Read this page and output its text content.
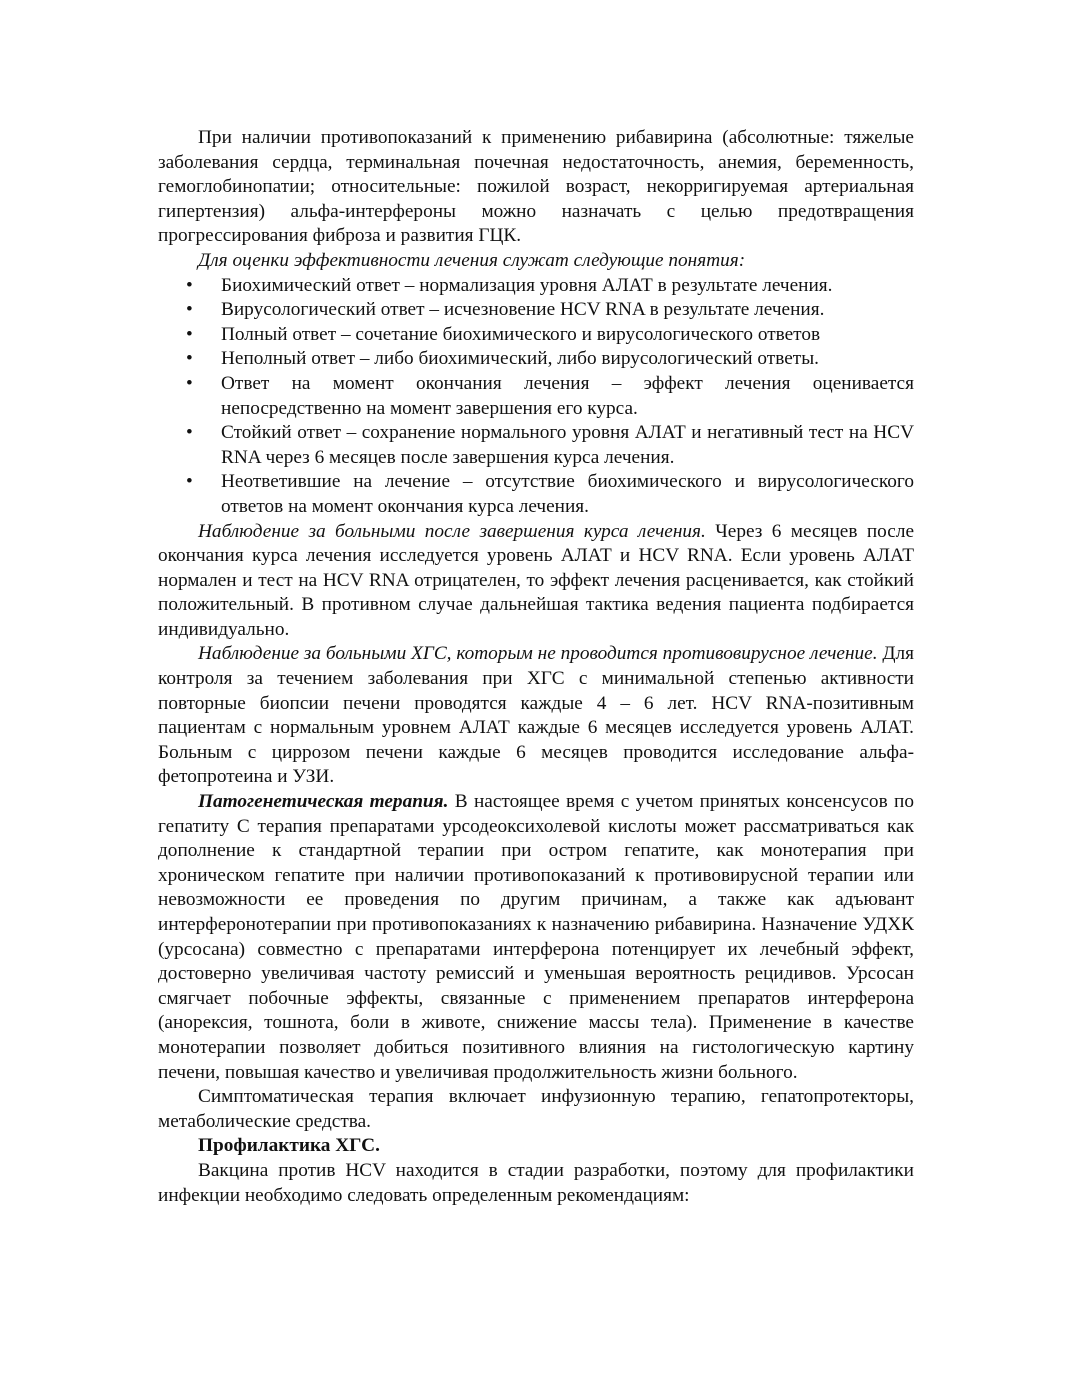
При наличии противопоказаний к применению рибавирина (абсолютные: тяжелые заболевания сердца, терминальная почечная недостаточность, анемия, беременность, гемоглобинопатии; относительные: пожилой возраст, некорригируемая артериальная гипертензия) альфа-интерфероны можно назначать с целью предотвращения прогрессирования фиброза и развития ГЦК.

Для оценки эффективности лечения служат следующие понятия:

• Биохимический ответ – нормализация уровня АЛАТ в результате лечения.
• Вирусологический ответ – исчезновение HCV RNA в результате лечения.
• Полный ответ – сочетание биохимического и вирусологического ответов
• Неполный ответ – либо биохимический, либо вирусологический ответы.
• Ответ на момент окончания лечения – эффект лечения оценивается непосредственно на момент завершения его курса.
• Стойкий ответ – сохранение нормального уровня АЛАТ и негативный тест на HCV RNA через 6 месяцев после завершения курса лечения.
• Неответившие на лечение – отсутствие биохимического и вирусологического ответов на момент окончания курса лечения.

Наблюдение за больными после завершения курса лечения. Через 6 месяцев после окончания курса лечения исследуется уровень АЛАТ и HCV RNA. Если уровень АЛАТ нормален и тест на HCV RNA отрицателен, то эффект лечения расценивается, как стойкий положительный. В противном случае дальнейшая тактика ведения пациента подбирается индивидуально.

Наблюдение за больными ХГС, которым не проводится противовирусное лечение. Для контроля за течением заболевания при ХГС с минимальной степенью активности повторные биопсии печени проводятся каждые 4 – 6 лет. HCV RNA-позитивным пациентам с нормальным уровнем АЛАТ каждые 6 месяцев исследуется уровень АЛАТ. Больным с циррозом печени каждые 6 месяцев проводится исследование альфа-фетопротеина и УЗИ.

Патогенетическая терапия. В настоящее время с учетом принятых консенсусов по гепатиту С терапия препаратами урсодеоксихолевой кислоты может рассматриваться как дополнение к стандартной терапии при остром гепатите, как монотерапия при хроническом гепатите при наличии противопоказаний к противовирусной терапии или невозможности ее проведения по другим причинам, а также как адъювант интерферонотерапии при противопоказаниях к назначению рибавирина. Назначение УДХК (урсосана) совместно с препаратами интерферона потенцирует их лечебный эффект, достоверно увеличивая частоту ремиссий и уменьшая вероятность рецидивов. Урсосан смягчает побочные эффекты, связанные с применением препаратов интерферона (анорексия, тошнота, боли в животе, снижение массы тела). Применение в качестве монотерапии позволяет добиться позитивного влияния на гистологическую картину печени, повышая качество и увеличивая продолжительность жизни больного.

Симптоматическая терапия включает инфузионную терапию, гепатопротекторы, метаболические средства.

Профилактика ХГС.

Вакцина против HCV находится в стадии разработки, поэтому для профилактики инфекции необходимо следовать определенным рекомендациям:
